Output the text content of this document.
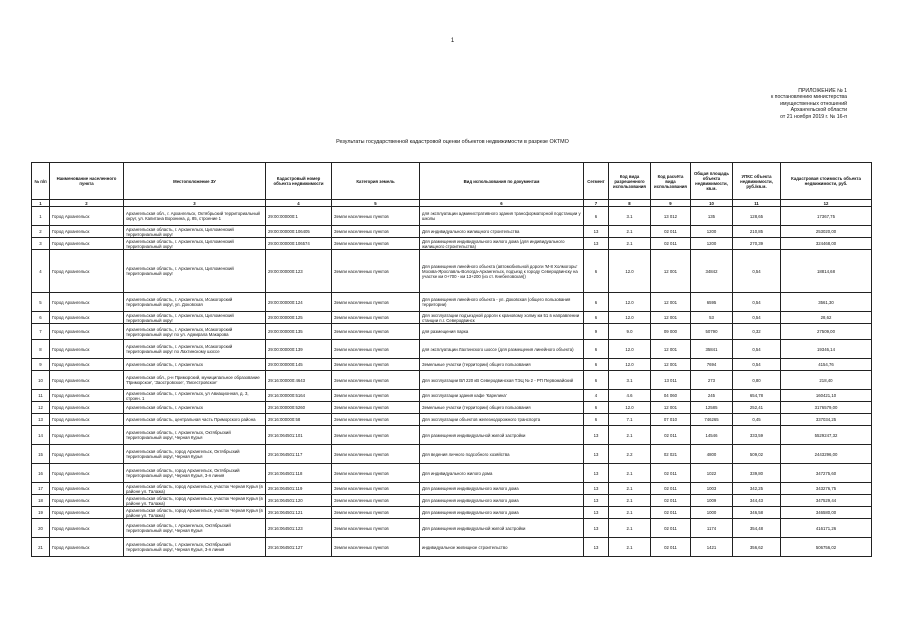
1
ПРИЛОЖЕНИЕ № 1
к постановлению министерства
имущественных отношений
Архангельской области
от 21 ноября 2019 г. № 16-п
Результаты государственной кадастровой оценки объектов недвижимости в разрезе ОКТМО
№ п/п	Наименование населенного пункта	Местоположение ЗУ	Кадастровый номер объекта недвижимости	Категория земель	Вид использования по документам	Сегмент	Код вида разрешенного использования	Код расчёта вида использования	Общая площадь объекта недвижимости, кв.м.	УПКС объекта недвижимости, руб./кв.м.	Кадастровая стоимость объекта недвижимости, руб.
1	2	3	4	5	6	7	8	9	10	11	12
1	Город Архангельск	Архангельская обл., г. Архангельск, Октябрьский территориальный округ, ул. Капитана Воронина, д. 85, строение 1	29:00:000000:1	Земли населенных пунктов	для эксплуатации административного здания трансформаторной подстанции у школы	6	3.1	13 012	135	128,65	17367,75
2	Город Архангельск	Архангельская область, г. Архангельск, Цигломенский территориальный округ	29:00:000000:106405	Земли населенных пунктов	Для индивидуального жилищного строительства	13	2.1	02 011	1200	210,85	253020,00
3	Город Архангельск	Архангельская область, г. Архангельск, Цигломенский территориальный округ	29:00:000000:106574	Земли населенных пунктов	Для размещения индивидуального жилого дома (для индивидуального жилищного строительства)	13	2.1	02 011	1200	270,39	324468,00
4	Город Архангельск	Архангельская область, г. Архангельск, Цигломенский территориальный округ	29:00:000000:123	Земли населенных пунктов	Для размещения линейного объекта (автомобильной дороги 'М-8 Холмогоры' Москва-Ярославль-Вологда-Архангельск, подъезд к городу Северодвинску на участке км 0+700 - км 13+200 (из ст. Кнебеловская))	6	12.0	12 001	34842	0,54	18814,68
5	Город Архангельск	Архангельская область, г. Архангельск, Исакогорский территориальный округ, ул. Доковская	29:00:000000:124	Земли населенных пунктов	Для размещения линейного объекта - ул. Доковская (общего пользования территории)	6	12.0	12 001	6595	0,54	3561,30
6	Город Архангельск	Архангельская область, г. Архангельск, Цигломенский территориальный округ	29:00:000000:125	Земли населенных пунктов	Для эксплуатации подъездной дороги к крановому холму км 51 в направлении станции п.г. Северодвинск	6	12.0	12 001	53	0,54	28,62
7	Город Архангельск	Архангельская область, г. Архангельск, Исакогорский территориальный округ по ул. Адмирала Макарова	29:00:000000:135	Земли населенных пунктов	для размещения парка	9	9.0	09 000	50790	0,32	27509,00
8	Город Архангельск	Архангельская область, г. Архангельск, Исакогорский территориальный округ по Лахтинскому шоссе	29:00:000000:139	Земли населенных пунктов	для эксплуатации Лахтинского шоссе (для размещения линейного объекта)	6	12.0	12 001	35841	0,54	19346,14
9	Город Архангельск	Архангельская область, г. Архангельск	29:00:000000:145	Земли населенных пунктов	Земельные участки (территории) общего пользования	6	12.0	12 001	7694	0,54	4154,76
10	Город Архангельск	Архангельская обл., р-н Приморский, муниципальное образование 'Приморское', 'Заостровское', 'Лисестровское'	29:16:000000:4643	Земли населенных пунктов	Для эксплуатации ВЛ 220 кВ Северодвинская ТЭЦ № 2 - РП Первомайский	6	3.1	13 011	273	0,80	218,40
11	Город Архангельск	Архангельская область, г. Архангельск, ул Авиационная, д. 3, строен. 1	29:16:000000:5164	Земли населенных пунктов	Для эксплуатации здания кафе 'Карелина'	4	4.6	04 060	245	654,78	160421,10
12	Город Архангельск	Архангельская область, г. Архангельск	29:16:000000:5260	Земли населенных пунктов	Земельные участки (территории) общего пользования	6	12.0	12 001	12585	252,41	3176579,00
13	Город Архангельск	Архангельская область, центральная часть Приморского района	29:16:000000:58	Земли населенных пунктов	Для эксплуатации объектов железнодорожного транспорта	6	7.1	07 010	746265	0,45	337034,25
14	Город Архангельск	Архангельская область, г. Архангельск, Октябрьский территориальный округ, Черная Курья	29:16:064501:101	Земли населенных пунктов	Для размещения индивидуальной жилой застройки	13	2.1	02 011	14546	333,59	5529247,32
15	Город Архангельск	Архангельская область, город Архангельск, Октябрьский территориальный округ, Черная Курья	29:16:064501:117	Земли населенных пунктов	Для ведения личного подсобного хозяйства	13	2.2	02 021	4800	509,02	2443296,00
16	Город Архангельск	Архангельская область, город Архангельск, Октябрьский территориальный округ, Черная Курья, 3-я линия	29:16:064501:118	Земли населенных пунктов	Для индивидуального жилого дома	13	2.1	02 011	1022	339,80	347275,60
17	Город Архангельск	Архангельская область, город Архангельск, участок Черная Курья (в районе ул. Талажа)	29:16:064501:119	Земли населенных пунктов	Для размещения индивидуального жилого дома	13	2.1	02 011	1003	342,25	343276,75
18	Город Архангельск	Архангельская область, город Архангельск, участок Черная Курья (в районе ул. Талажа)	29:16:064501:120	Земли населенных пунктов	Для размещения индивидуального жилого дома	13	2.1	02 011	1009	344,43	347529,44
19	Город Архангельск	Архангельская область, город Архангельск, участок Черная Курья (в районе ул. Талажа)	29:16:064501:121	Земли населенных пунктов	Для размещения индивидуального жилого дома	13	2.1	02 011	1000	346,58	346580,00
20	Город Архангельск	Архангельская область, г. Архангельск, Октябрьский территориальный округ, Черная Курья	29:16:064501:123	Земли населенных пунктов	Для размещения индивидуальной жилой застройки	13	2.1	02 011	1174	354,48	416171,26
21	Город Архангельск	Архангельская область, г. Архангельск, Октябрьский территориальный округ, Черная Курья, 3-я линия	29:16:064501:127	Земли населенных пунктов	индивидуальное жилищное строительство	13	2.1	02 011	1421	356,62	506756,02
